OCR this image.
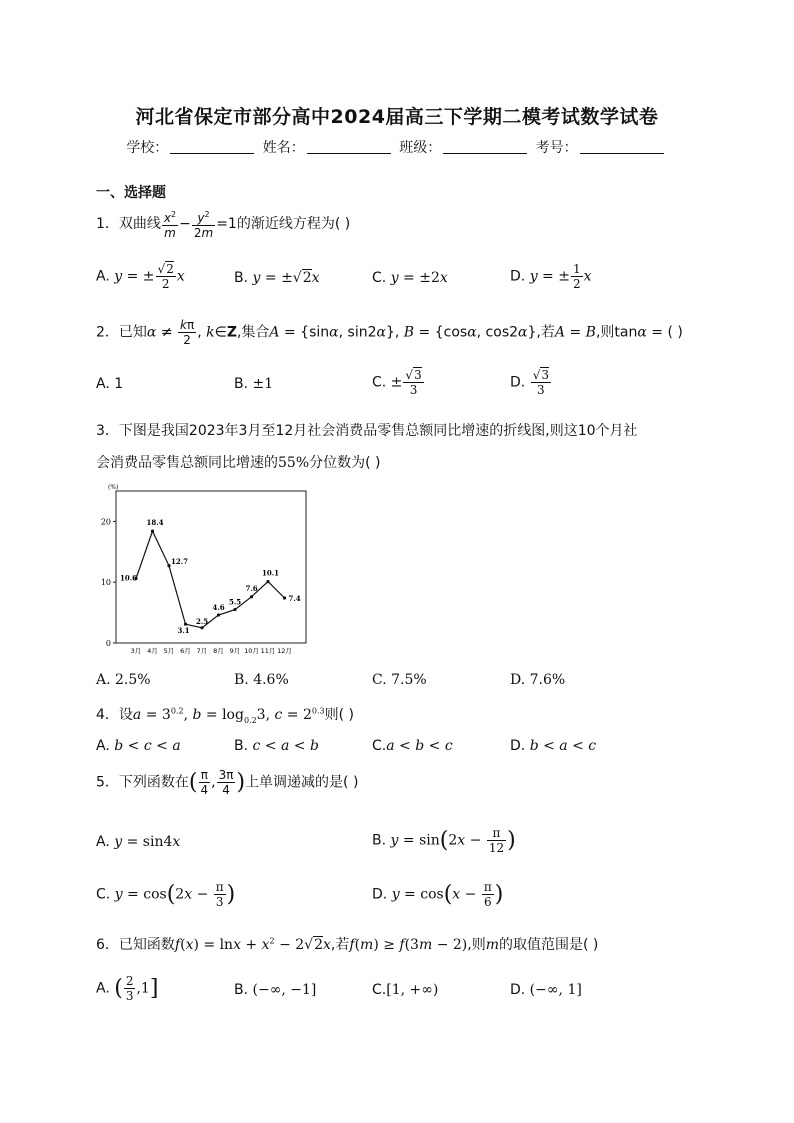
河北省保定市部分高中2024届高三下学期二模考试数学试卷
学校：	姓名：	班级：	考号：
一、选择题
1．双曲线 $\frac{x^2}{m} - \frac{y^2}{2m} =1$的渐近线方程为( )
A. y = ± $\frac{√2}{2}$ x	B. y = ±√2x	C. y = ±2x	D. y = ± $\frac{1}{2}$ x
2．已知$\alpha \ne \frac{k\pi}{2}$ , k∈Z,集合A = {sinα, sin2α}, B = {cosα, cos2α},若A = B,则tanα = ( )
A. 1	B. ±1	C. ± $\frac{√3}{3}$	D. $\frac{√3}{3}$
3．下图是我国2023年3月至12月社会消费品零售总额同比增速的折线图,则这10个月社
会消费品零售总额同比增速的55%分位数为( )
0
10
20
(%)
10.6
18.4
12.7
3.1
2.5
4.6
5.5
7.6
10.1
7.4
3月 4月 5月 6月 7月 8月 9月 10月 11月 12月
A. 2.5%	B. 4.6%	C. 7.5%	D. 7.6%
4．设$a = 3^{0.2}$, $b = \log_{0.2}3$, $c = 2^{0.3}$则( )
A. b < c < a	B. c < a < b	C.a < b < c	D. b < a < c
5．下列函数在( $\frac{\pi}{4}$ , $\frac{3\pi}{4}$ )上单调递减的是( )
A. y = sin4x	B. $y = \sin(2x - \frac{\pi}{12}$ )
C. $y = \cos(2x - \frac{\pi}{3}$ )	D. $y = \cos(x - \frac{\pi}{6}$ )
6．已知函数$f(x) = \ln x + x^2 - 2√2x$,若f(m) ≥ f(3m − 2),则m的取值范围是( )
A. ( $\frac{2}{3} ,1$]	B. (−∞, −1]	C.[1, +∞)	D. (−∞, 1]
